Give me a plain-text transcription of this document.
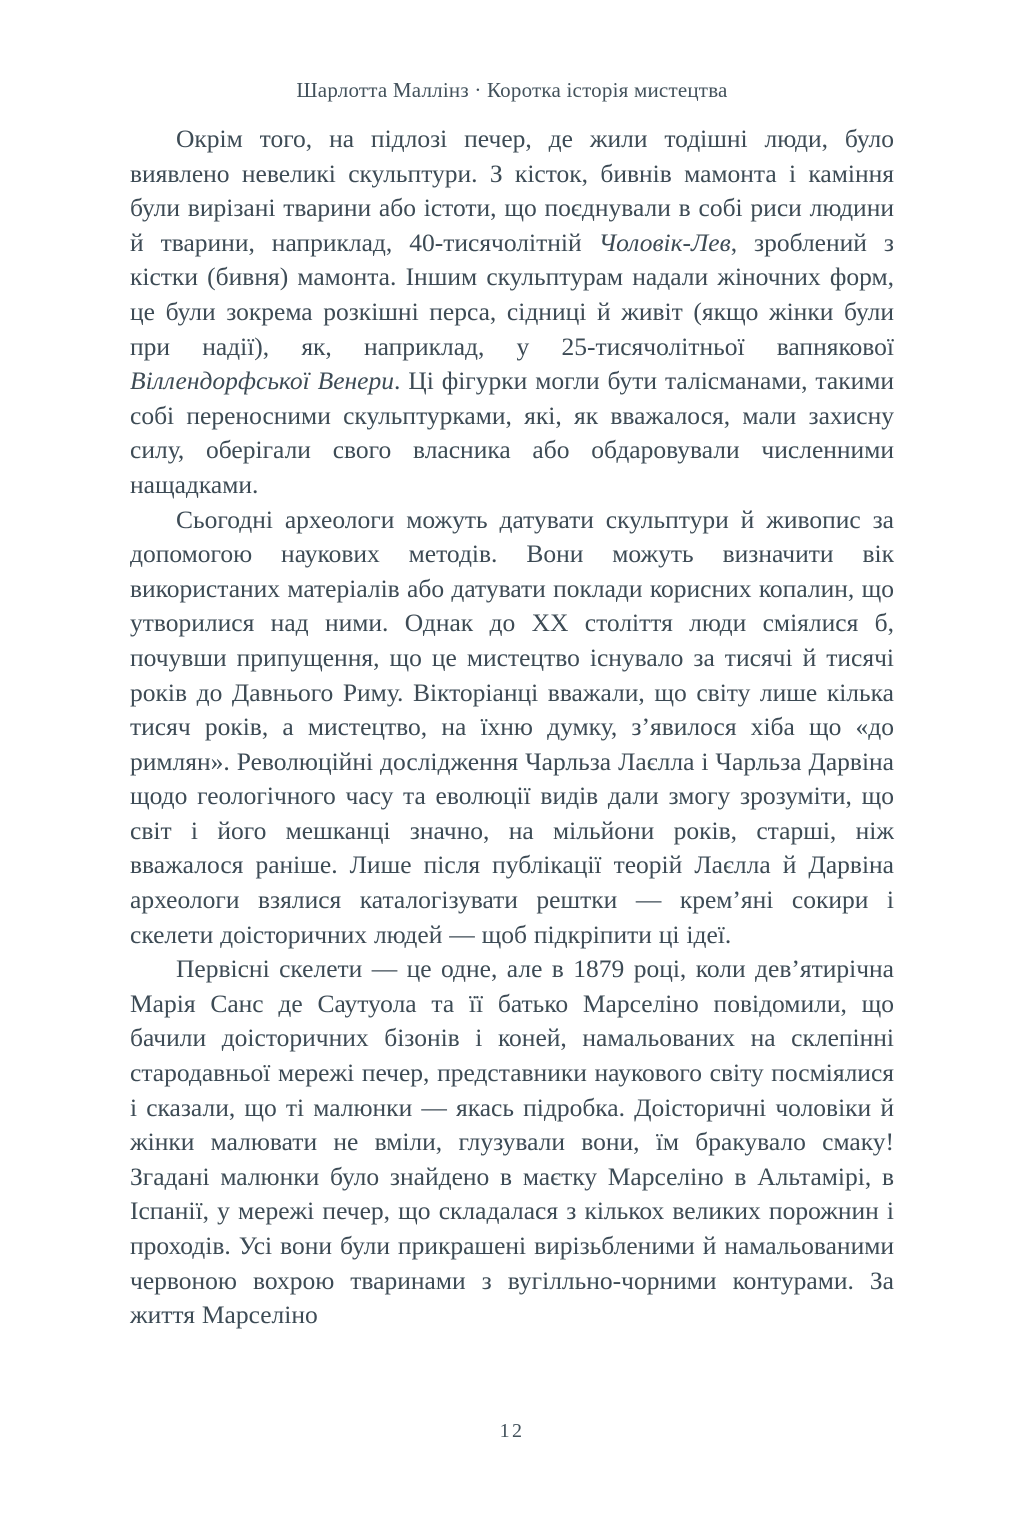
Шарлотта Маллінз · Коротка історія мистецтва

Окрім того, на підлозі печер, де жили тодішні люди, було виявлено невеликі скульптури. З кісток, бивнів мамонта і каміння були вирізані тварини або істоти, що поєднували в собі риси людини й тварини, наприклад, 40-тисячолітній Чоловік-Лев, зроблений з кістки (бивня) мамонта. Іншим скульптурам надали жіночних форм, це були зокрема розкішні перса, сідниці й живіт (якщо жінки були при надії), як, наприклад, у 25-тисячолітньої вапнякової Віллендорфської Венери. Ці фігурки могли бути талісманами, такими собі переносними скульптурками, які, як вважалося, мали захисну силу, оберігали свого власника або обдаровували численними нащадками.

Сьогодні археологи можуть датувати скульптури й живопис за допомогою наукових методів. Вони можуть визначити вік використаних матеріалів або датувати поклади корисних копалин, що утворилися над ними. Однак до XX століття люди сміялися б, почувши припущення, що це мистецтво існувало за тисячі й тисячі років до Давнього Риму. Вікторіанці вважали, що світу лише кілька тисяч років, а мистецтво, на їхню думку, з’явилося хіба що «до римлян». Революційні дослідження Чарльза Лаєлла і Чарльза Дарвіна щодо геологічного часу та еволюції видів дали змогу зрозуміти, що світ і його мешканці значно, на мільйони років, старші, ніж вважалося раніше. Лише після публікації теорій Лаєлла й Дарвіна археологи взялися каталогізувати рештки — крем’яні сокири і скелети доісторичних людей — щоб підкріпити ці ідеї.

Первісні скелети — це одне, але в 1879 році, коли дев’ятирічна Марія Санс де Саутуола та її батько Марселіно повідомили, що бачили доісторичних бізонів і коней, намальованих на склепінні стародавньої мережі печер, представники наукового світу посміялися і сказали, що ті малюнки — якась підробка. Доісторичні чоловіки й жінки малювати не вміли, глузували вони, їм бракувало смаку! Згадані малюнки було знайдено в маєтку Марселіно в Альтамірі, в Іспанії, у мережі печер, що складалася з кількох великих порожнин і проходів. Усі вони були прикрашені вирізьбленими й намальованими червоною вохрою тваринами з вугілльно-чорними контурами. За життя Марселіно

12
